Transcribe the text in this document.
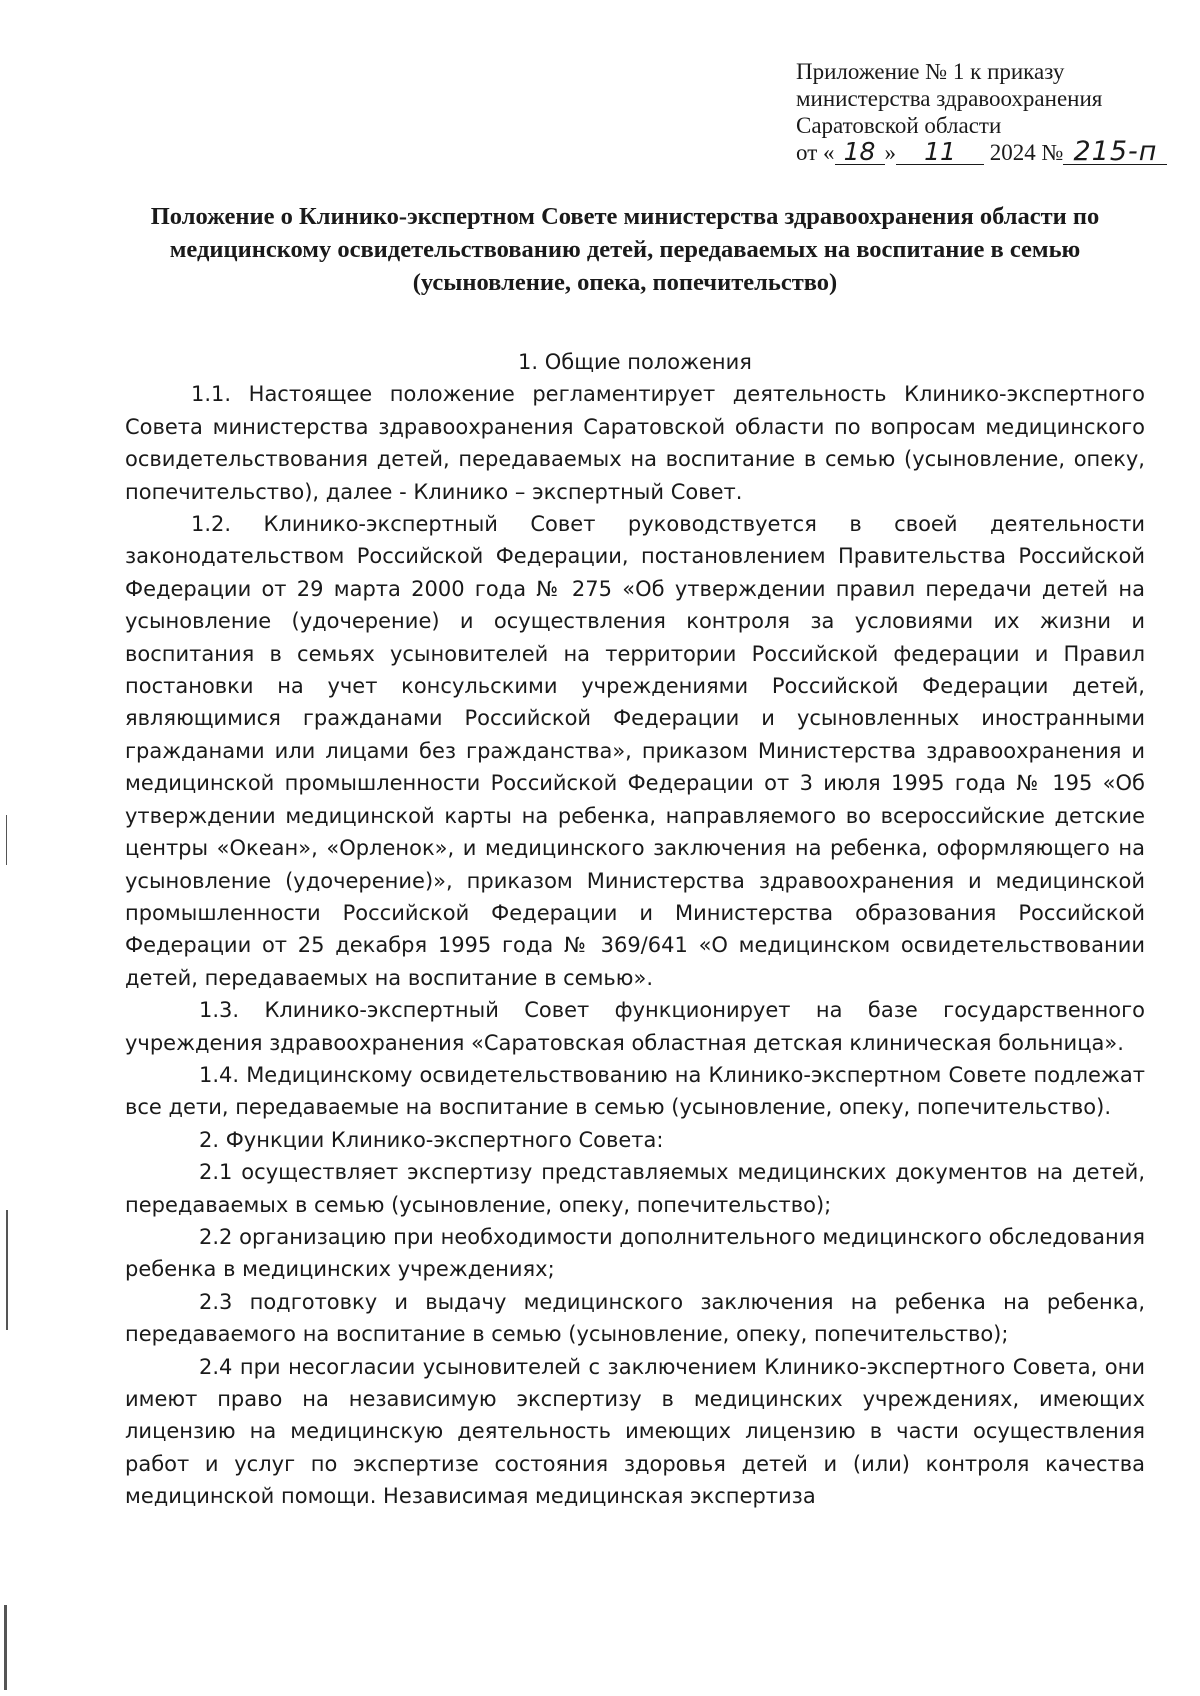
Приложение № 1 к приказу
министерства здравоохранения
Саратовской области
от « 18 » 11 2024 № 215-п
Положение о Клинико-экспертном Совете министерства здравоохранения области по медицинскому освидетельствованию детей, передаваемых на воспитание в семью (усыновление, опека, попечительство)

1. Общие положения

1.1. Настоящее положение регламентирует деятельность Клинико-экспертного Совета министерства здравоохранения Саратовской области по вопросам медицинского освидетельствования детей, передаваемых на воспитание в семью (усыновление, опеку, попечительство), далее - Клинико – экспертный Совет.

1.2. Клинико-экспертный Совет руководствуется в своей деятельности законодательством Российской Федерации, постановлением Правительства Российской Федерации от 29 марта 2000 года № 275 «Об утверждении правил передачи детей на усыновление (удочерение) и осуществления контроля за условиями их жизни и воспитания в семьях усыновителей на территории Российской федерации и Правил постановки на учет консульскими учреждениями Российской Федерации детей, являющимися гражданами Российской Федерации и усыновленных иностранными гражданами или лицами без гражданства», приказом Министерства здравоохранения и медицинской промышленности Российской Федерации от 3 июля 1995 года № 195 «Об утверждении медицинской карты на ребенка, направляемого во всероссийские детские центры «Океан», «Орленок», и медицинского заключения на ребенка, оформляющего на усыновление (удочерение)», приказом Министерства здравоохранения и медицинской промышленности Российской Федерации и Министерства образования Российской Федерации от 25 декабря 1995 года № 369/641 «О медицинском освидетельствовании детей, передаваемых на воспитание в семью».

1.3. Клинико-экспертный Совет функционирует на базе государственного учреждения здравоохранения «Саратовская областная детская клиническая больница».

1.4. Медицинскому освидетельствованию на Клинико-экспертном Совете подлежат все дети, передаваемые на воспитание в семью (усыновление, опеку, попечительство).

2. Функции Клинико-экспертного Совета:

2.1 осуществляет экспертизу представляемых медицинских документов на детей, передаваемых в семью (усыновление, опеку, попечительство);

2.2 организацию при необходимости дополнительного медицинского обследования ребенка в медицинских учреждениях;

2.3 подготовку и выдачу медицинского заключения на ребенка на ребенка, передаваемого на воспитание в семью (усыновление, опеку, попечительство);

2.4 при несогласии усыновителей с заключением Клинико-экспертного Совета, они имеют право на независимую экспертизу в медицинских учреждениях, имеющих лицензию на медицинскую деятельность имеющих лицензию в части осуществления работ и услуг по экспертизе состояния здоровья детей и (или) контроля качества медицинской помощи. Независимая медицинская экспертиза
